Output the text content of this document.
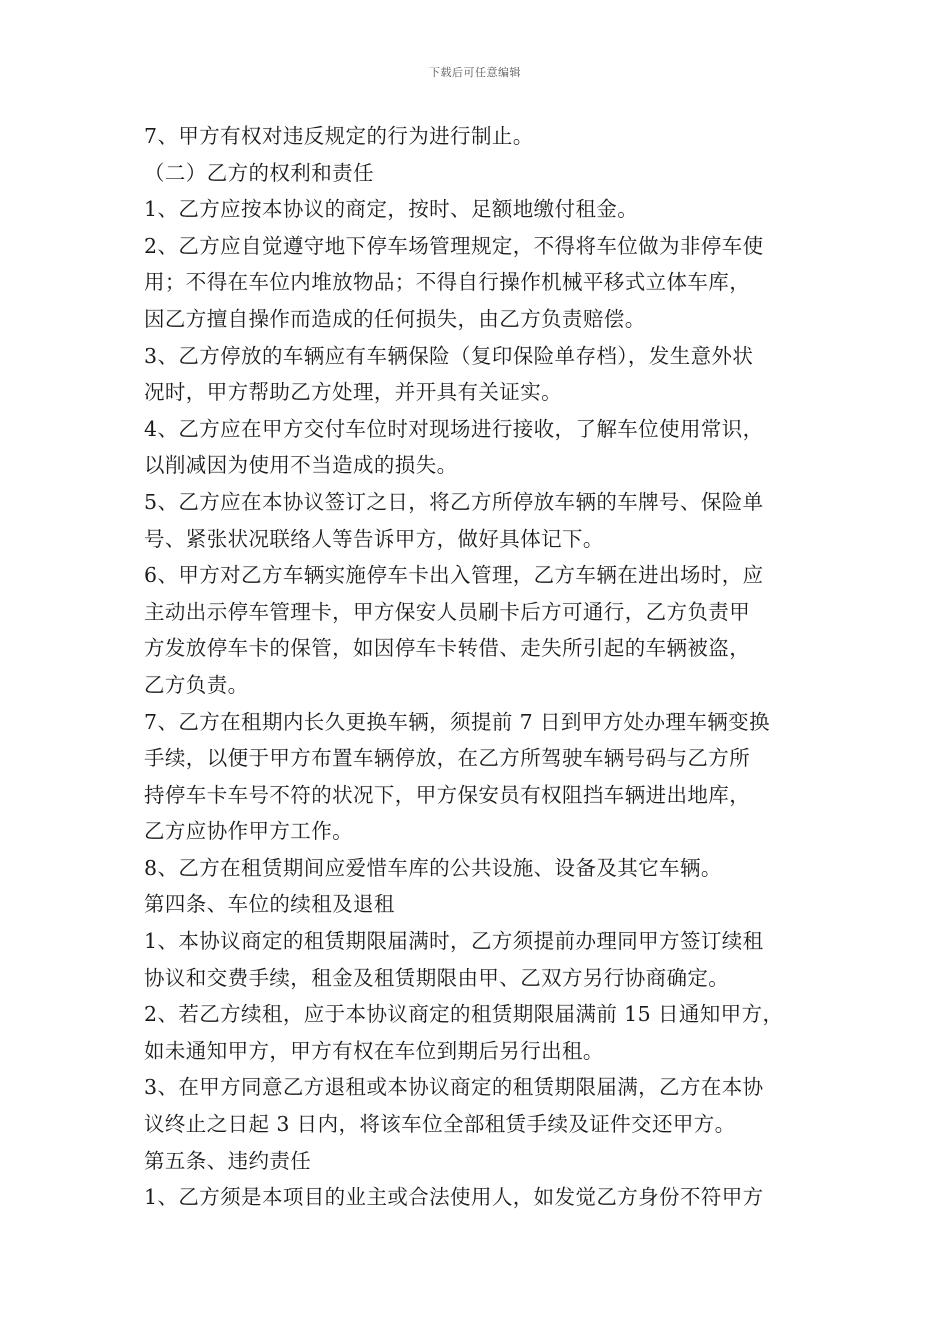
下载后可任意编辑
7、甲方有权对违反规定的行为进行制止。
（二）乙方的权利和责任
1、乙方应按本协议的商定，按时、足额地缴付租金。
2、乙方应自觉遵守地下停车场管理规定，不得将车位做为非停车使
用；不得在车位内堆放物品；不得自行操作机械平移式立体车库，
因乙方擅自操作而造成的任何损失，由乙方负责赔偿。
3、乙方停放的车辆应有车辆保险（复印保险单存档），发生意外状
况时，甲方帮助乙方处理，并开具有关证实。
4、乙方应在甲方交付车位时对现场进行接收，了解车位使用常识，
以削减因为使用不当造成的损失。
5、乙方应在本协议签订之日，将乙方所停放车辆的车牌号、保险单
号、紧张状况联络人等告诉甲方，做好具体记下。
6、甲方对乙方车辆实施停车卡出入管理，乙方车辆在进出场时，应
主动出示停车管理卡，甲方保安人员刷卡后方可通行，乙方负责甲
方发放停车卡的保管，如因停车卡转借、走失所引起的车辆被盗，
乙方负责。
7、乙方在租期内长久更换车辆，须提前 7 日到甲方处办理车辆变换
手续，以便于甲方布置车辆停放，在乙方所驾驶车辆号码与乙方所
持停车卡车号不符的状况下，甲方保安员有权阻挡车辆进出地库，
乙方应协作甲方工作。
8、乙方在租赁期间应爱惜车库的公共设施、设备及其它车辆。
第四条、车位的续租及退租
1、本协议商定的租赁期限届满时，乙方须提前办理同甲方签订续租
协议和交费手续，租金及租赁期限由甲、乙双方另行协商确定。
2、若乙方续租，应于本协议商定的租赁期限届满前 15 日通知甲方，
如未通知甲方，甲方有权在车位到期后另行出租。
3、在甲方同意乙方退租或本协议商定的租赁期限届满，乙方在本协
议终止之日起 3 日内，将该车位全部租赁手续及证件交还甲方。
第五条、违约责任
1、乙方须是本项目的业主或合法使用人，如发觉乙方身份不符甲方
